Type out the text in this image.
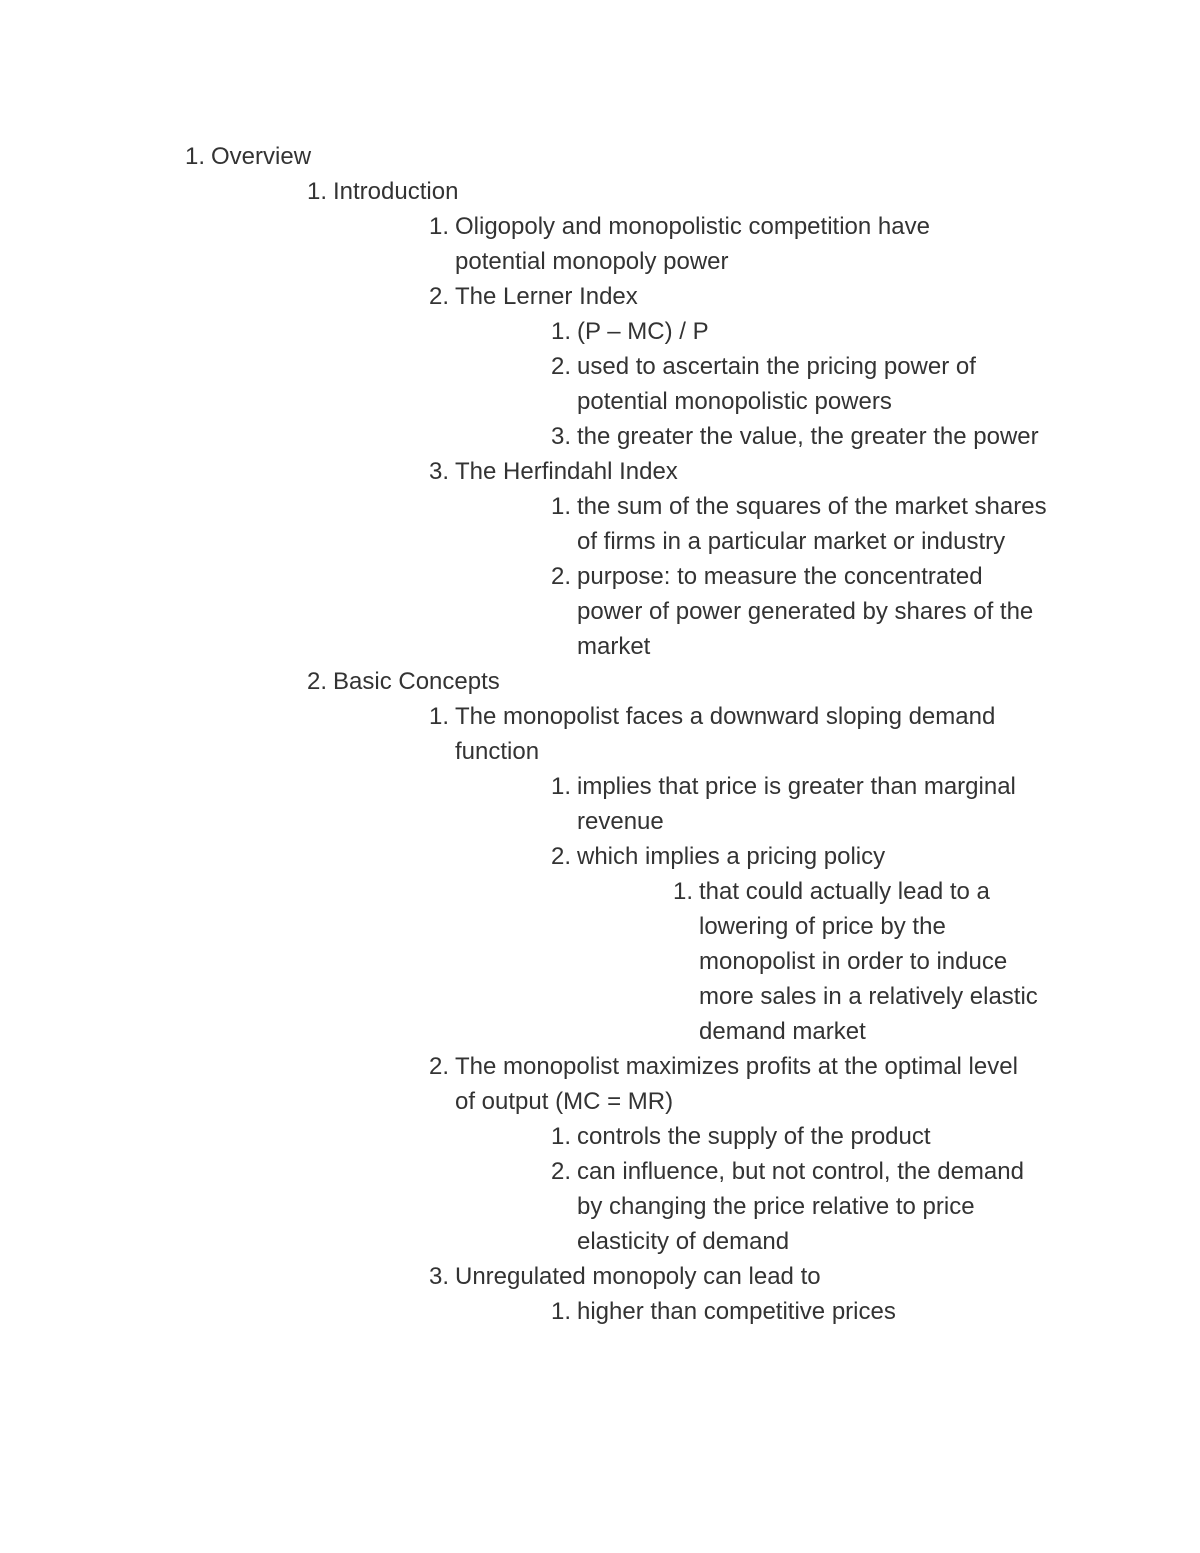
1. Overview
1. Introduction
1. Oligopoly and monopolistic competition have potential monopoly power
2. The Lerner Index
1. (P – MC) / P
2. used to ascertain the pricing power of potential monopolistic powers
3. the greater the value, the greater the power
3. The Herfindahl Index
1. the sum of the squares of the market shares of firms in a particular market or industry
2. purpose: to measure the concentrated power of power generated by shares of the market
2. Basic Concepts
1. The monopolist faces a downward sloping demand function
1. implies that price is greater than marginal revenue
2. which implies a pricing policy
1. that could actually lead to a lowering of price by the monopolist in order to induce more sales in a relatively elastic demand market
2. The monopolist maximizes profits at the optimal level of output (MC = MR)
1. controls the supply of the product
2. can influence, but not control, the demand by changing the price relative to price elasticity of demand
3. Unregulated monopoly can lead to
1. higher than competitive prices
